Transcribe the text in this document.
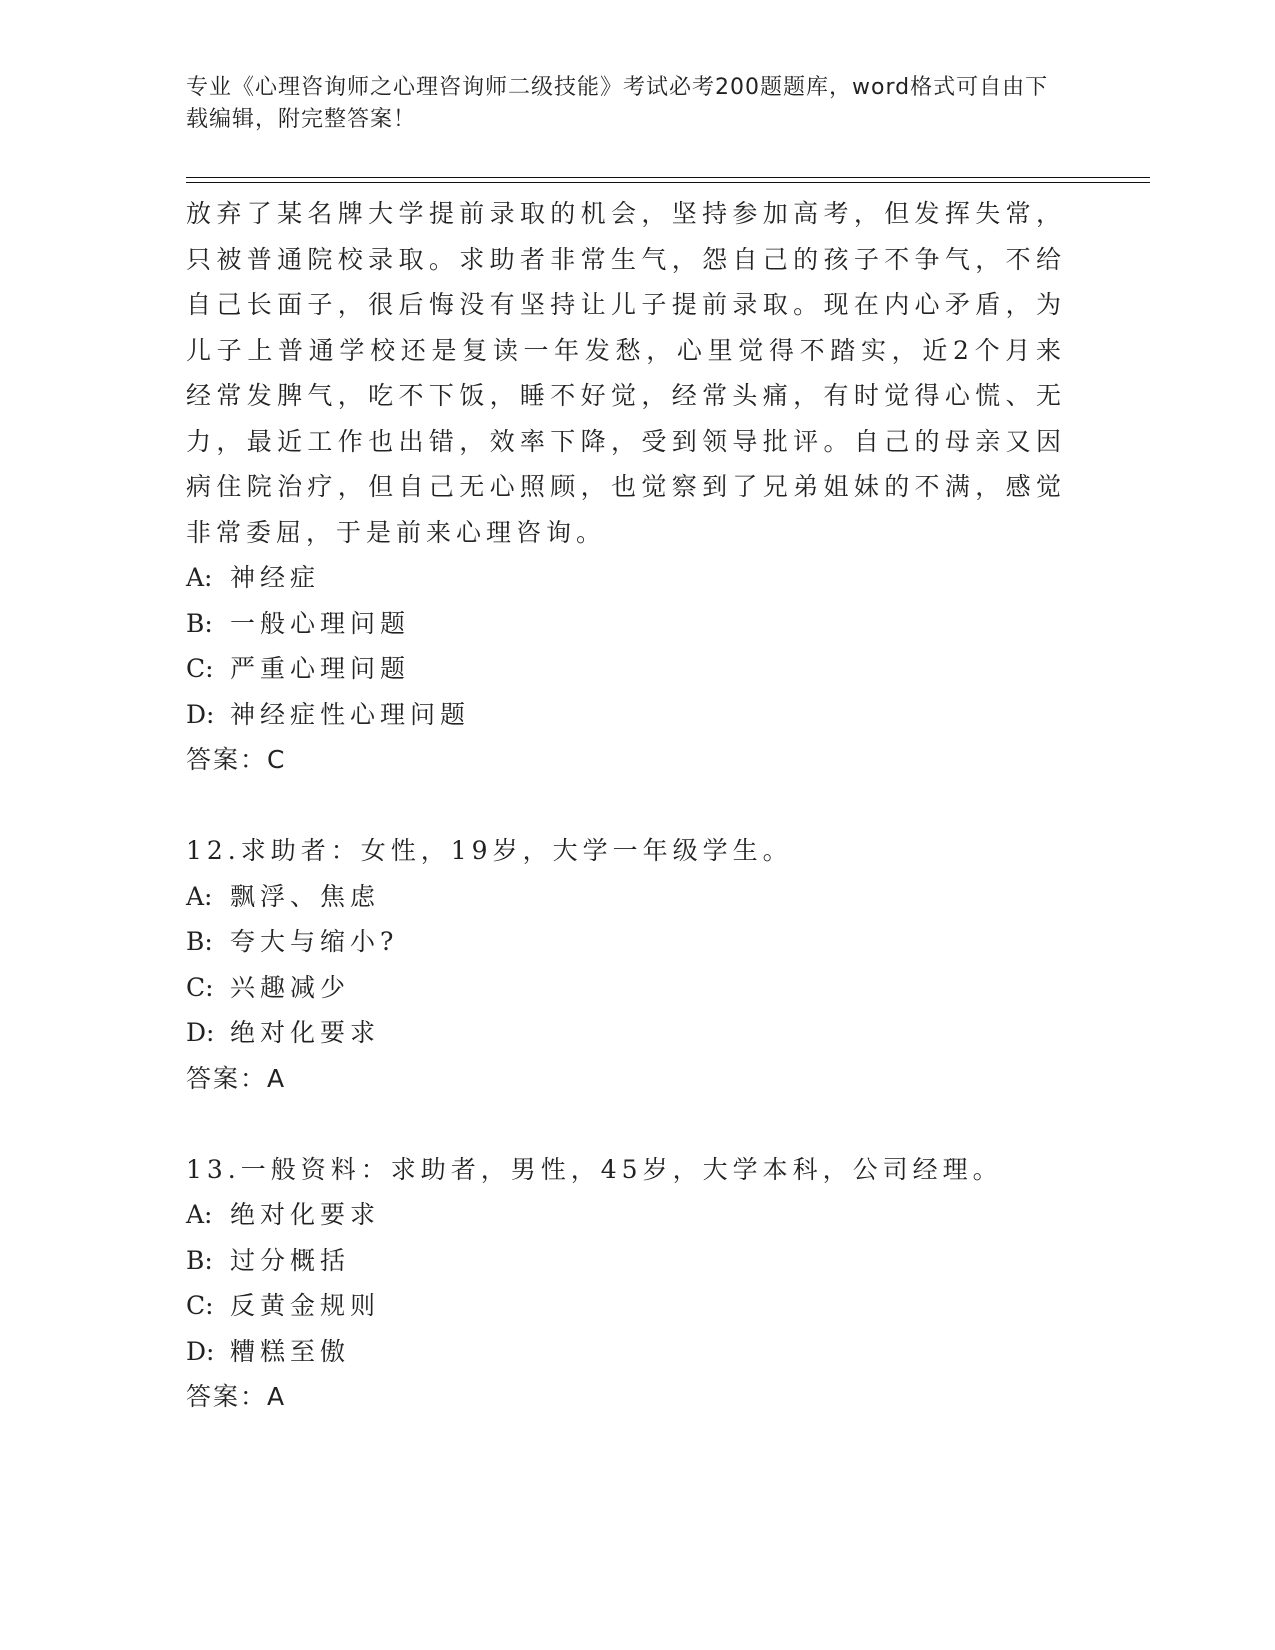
专业《心理咨询师之心理咨询师二级技能》考试必考200题题库，word格式可自由下载编辑，附完整答案！

放弃了某名牌大学提前录取的机会，坚持参加高考，但发挥失常，只被普通院校录取。求助者非常生气，怨自己的孩子不争气，不给自己长面子，很后悔没有坚持让儿子提前录取。现在内心矛盾，为儿子上普通学校还是复读一年发愁，心里觉得不踏实，近2个月来经常发脾气，吃不下饭，睡不好觉，经常头痛，有时觉得心慌、无力，最近工作也出错，效率下降，受到领导批评。自己的母亲又因病住院治疗，但自己无心照顾，也觉察到了兄弟姐妹的不满，感觉非常委屈，于是前来心理咨询。

A: 神经症

B: 一般心理问题

C: 严重心理问题

D: 神经症性心理问题

答案：C

12.求助者：女性，19岁，大学一年级学生。

A: 飘浮、焦虑

B: 夸大与缩小?

C: 兴趣减少

D: 绝对化要求

答案：A

13.一般资料：求助者，男性，45岁，大学本科，公司经理。

A: 绝对化要求

B: 过分概括

C: 反黄金规则

D: 糟糕至傲

答案：A
